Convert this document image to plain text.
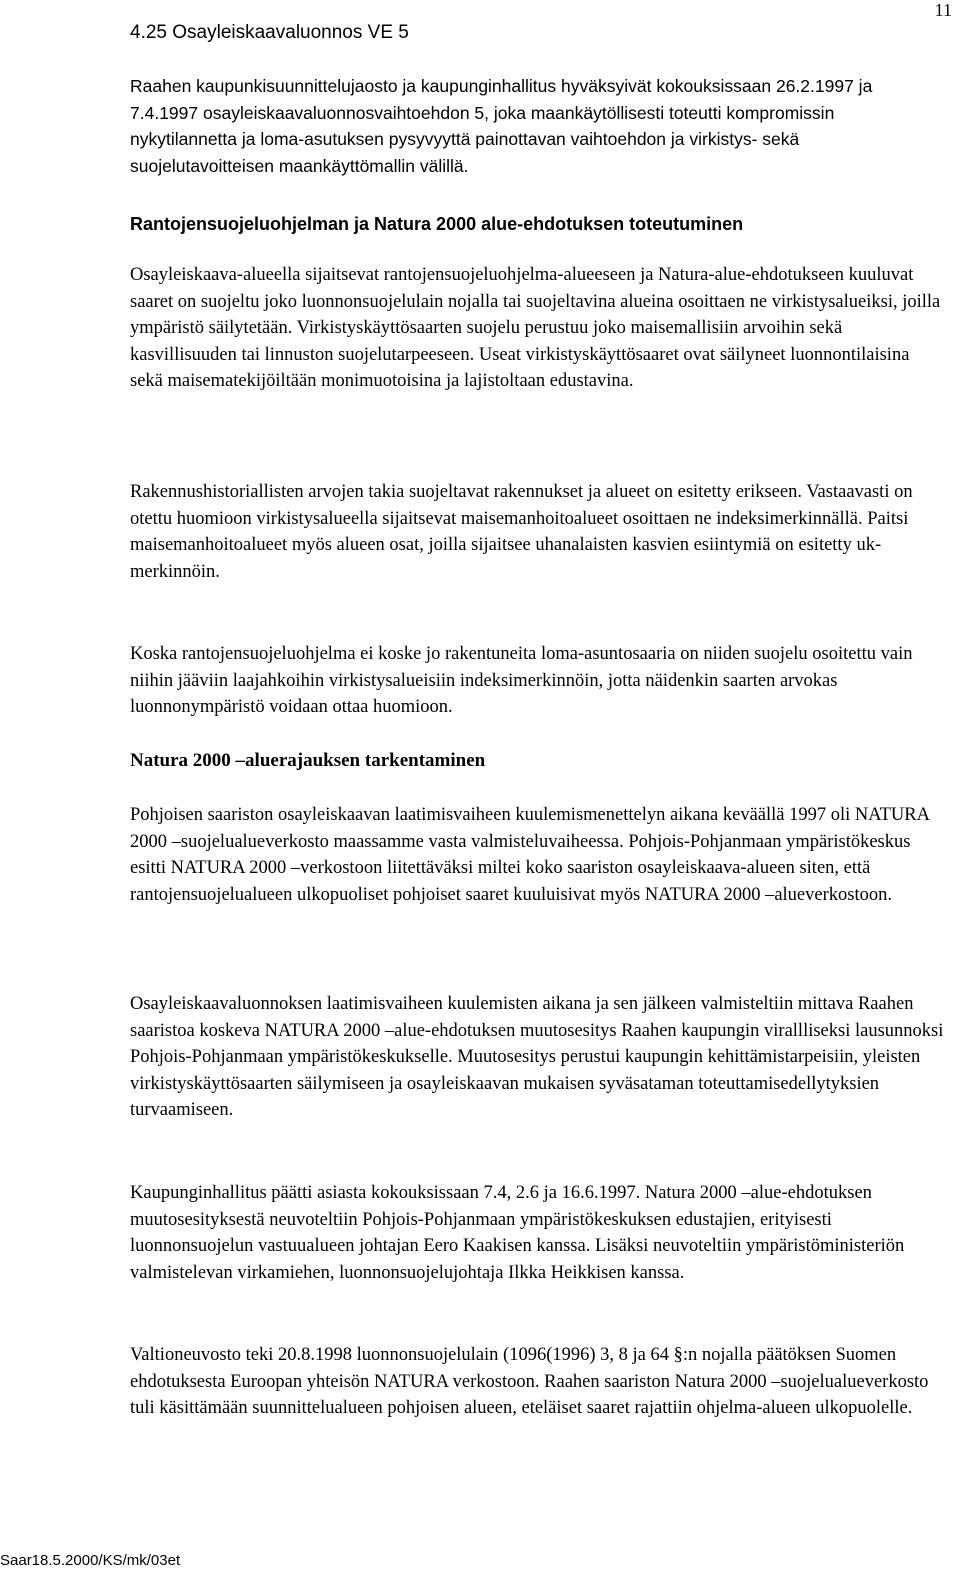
11
4.25 Osayleiskaavaluonnos VE 5

Raahen kaupunkisuunnittelujaosto ja kaupunginhallitus hyväksyivät kokouksissaan 26.2.1997 ja 7.4.1997 osayleiskaavaluonnosvaihtoehdon 5, joka maankäytöllisesti toteutti kompromissin nykytilannetta ja loma-asutuksen pysyvyyttä painottavan vaihtoehdon ja virkistys- sekä suojelutavoitteisen maankäyttömallin välillä.

Rantojensuojeluohjelman ja Natura 2000 alue-ehdotuksen toteutuminen

Osayleiskaava-alueella sijaitsevat rantojensuojeluohjelma-alueeseen ja Natura-alue-ehdotukseen kuuluvat saaret on suojeltu joko luonnonsuojelulain nojalla tai suojeltavina alueina osoittaen ne virkistysalueiksi, joilla ympäristö säilytetään. Virkistyskäyttösaarten suojelu perustuu joko maisemallisiin arvoihin sekä kasvillisuuden tai linnuston suojelutarpeeseen. Useat virkistyskäyttösaaret ovat säilyneet luonnontilaisina sekä maisematekijöiltään monimuotoisina ja lajistoltaan edustavina.

Rakennushistoriallisten arvojen takia suojeltavat rakennukset ja alueet on esitetty erikseen. Vastaavasti on otettu huomioon virkistysalueella sijaitsevat maisemanhoitoalueet osoittaen ne indeksimerkinnällä. Paitsi maisemanhoitoalueet myös alueen osat, joilla sijaitsee uhanalaisten kasvien esiintymiä on esitetty uk-merkinnöin.

Koska rantojensuojeluohjelma ei koske jo rakentuneita loma-asuntosaaria on niiden suojelu osoitettu vain niihin jääviin laajahkoihin virkistysalueisiin indeksimerkinnöin, jotta näidenkin saarten arvokas luonnonympäristö voidaan ottaa huomioon.

Natura 2000 –aluerajauksen tarkentaminen

Pohjoisen saariston osayleiskaavan laatimisvaiheen kuulemismenettelyn aikana keväällä 1997 oli NATURA 2000 –suojelualueverkosto maassamme vasta valmisteluvaiheessa. Pohjois-Pohjanmaan ympäristökeskus esitti NATURA 2000 –verkostoon liitettäväksi miltei koko saariston osayleiskaava-alueen siten, että rantojensuojelualueen ulkopuoliset pohjoiset saaret kuuluisivat myös NATURA 2000 –alueverkostoon.

Osayleiskaavaluonnoksen laatimisvaiheen kuulemisten aikana ja sen jälkeen valmisteltiin mittava Raahen saaristoa koskeva NATURA 2000 –alue-ehdotuksen muutosesitys Raahen kaupungin virallliseksi lausunnoksi Pohjois-Pohjanmaan ympäristökeskukselle. Muutosesitys perustui kaupungin kehittämistarpeisiin, yleisten virkistyskäyttösaarten säilymiseen ja osayleiskaavan mukaisen syväsataman toteuttamisedellytyksien turvaamiseen.

Kaupunginhallitus päätti asiasta kokouksissaan 7.4, 2.6 ja 16.6.1997. Natura 2000 –alue-ehdotuksen muutosesityksestä neuvoteltiin Pohjois-Pohjanmaan ympäristökeskuksen edustajien, erityisesti luonnonsuojelun vastuualueen johtajan Eero Kaakisen kanssa. Lisäksi neuvoteltiin ympäristöministeriön valmistelevan virkamiehen, luonnonsuojelujohtaja Ilkka Heikkisen kanssa.

Valtioneuvosto teki 20.8.1998 luonnonsuojelulain (1096(1996) 3, 8 ja 64 §:n nojalla päätöksen Suomen ehdotuksesta Euroopan yhteisön NATURA verkostoon. Raahen saariston Natura 2000 –suojelualueverkosto tuli käsittämään suunnittelualueen pohjoisen alueen, eteläiset saaret rajattiin ohjelma-alueen ulkopuolelle.

Saar18.5.2000/KS/mk/03et
